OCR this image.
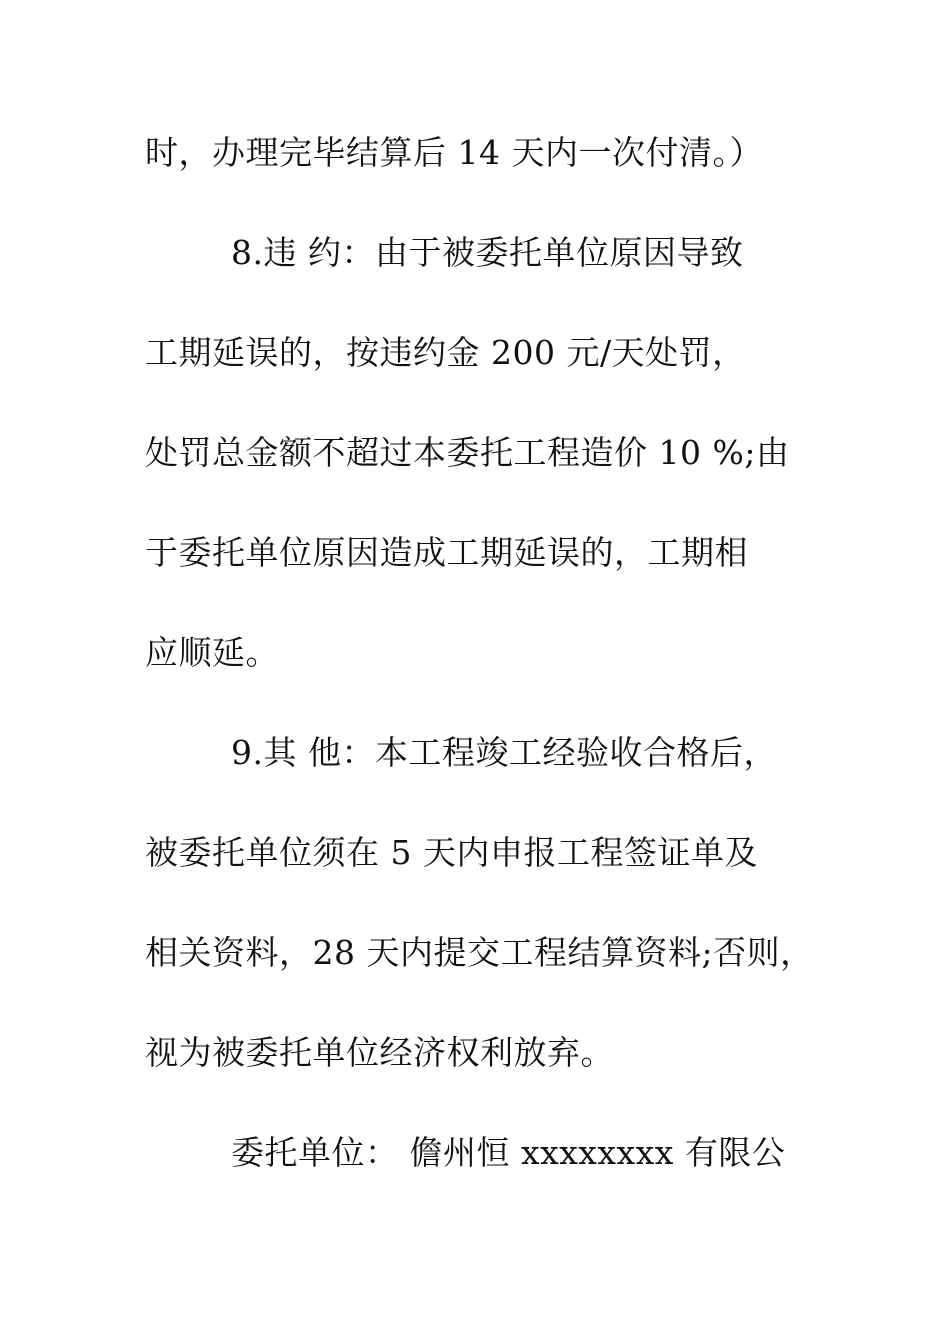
时，办理完毕结算后 14 天内一次付清。）
8.违 约：由于被委托单位原因导致
工期延误的，按违约金 200 元/天处罚，
处罚总金额不超过本委托工程造价 10 %;由
于委托单位原因造成工期延误的，工期相
应顺延。
9.其 他：本工程竣工经验收合格后，
被委托单位须在 5 天内申报工程签证单及
相关资料，28 天内提交工程结算资料;否则，
视为被委托单位经济权利放弃。
委托单位： 儋州恒 xxxxxxxx 有限公
